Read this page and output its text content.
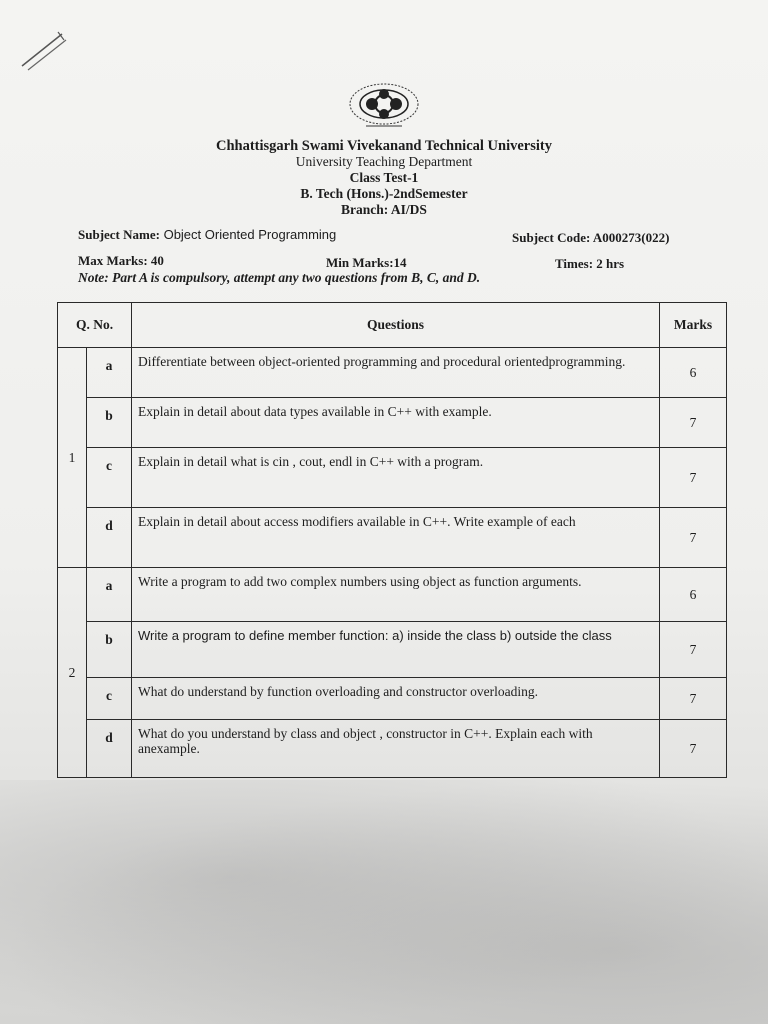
Chhattisgarh Swami Vivekanand Technical University
University Teaching Department
Class Test-1
B. Tech (Hons.)-2ndSemester
Branch: AI/DS
Subject Name: Object Oriented Programming	Subject Code: A000273(022)
Max Marks: 40	Min Marks:14	Times: 2 hrs
Note: Part A is compulsory, attempt any two questions from B, C, and D.
Q. No.		Questions	Marks
1	a	Differentiate between object-oriented programming and procedural orientedprogramming.	6
	b	Explain in detail about data types available in C++ with example.	7
	c	Explain in detail what is cin , cout, endl in C++ with a program.	7
	d	Explain in detail about access modifiers available in C++. Write example of each	7
2	a	Write a program to add two complex numbers using object as function arguments.	6
	b	Write a program to define member function: a) inside the class b) outside the class	7
	c	What do understand by function overloading and constructor overloading.	7
	d	What do you understand by class and object , constructor in C++. Explain each with anexample.	7
